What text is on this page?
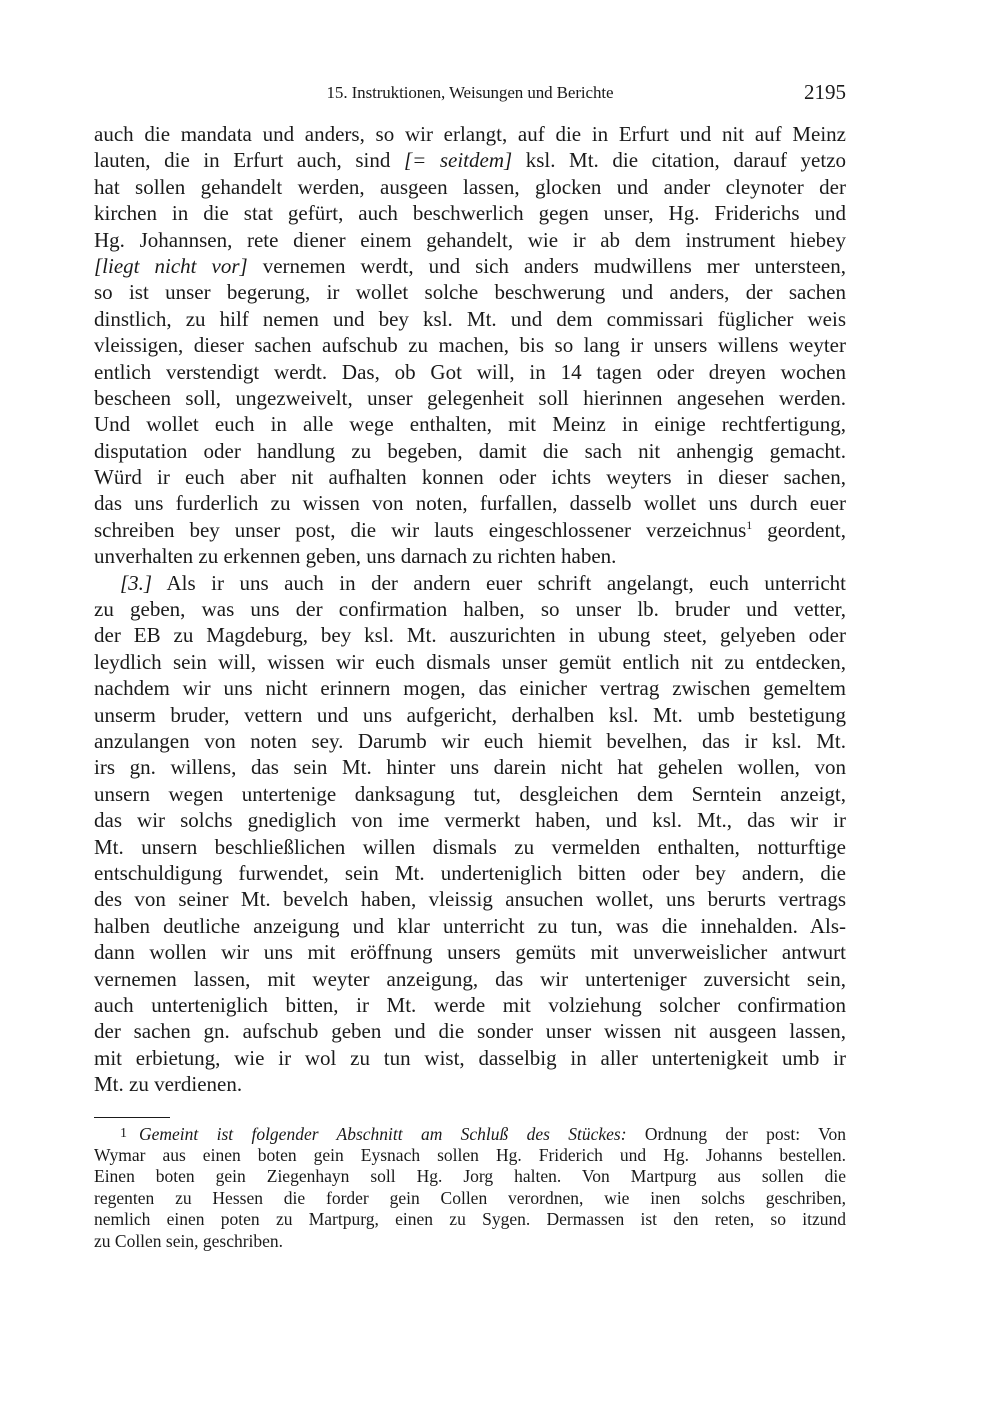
15. Instruktionen, Weisungen und Berichte	2195
auch die mandata und anders, so wir erlangt, auf die in Erfurt und nit auf Meinz
lauten, die in Erfurt auch, sind [= seitdem] ksl. Mt. die citation, darauf yetzo
hat sollen gehandelt werden, ausgeen lassen, glocken und ander cleynoter der
kirchen in die stat gefürt, auch beschwerlich gegen unser, Hg. Friderichs und
Hg. Johannsen, rete diener einem gehandelt, wie ir ab dem instrument hiebey
[liegt nicht vor] vernemen werdt, und sich anders mudwillens mer untersteen,
so ist unser begerung, ir wollet solche beschwerung und anders, der sachen
dinstlich, zu hilf nemen und bey ksl. Mt. und dem commissari füglicher weis
vleissigen, dieser sachen aufschub zu machen, bis so lang ir unsers willens weyter
entlich verstendigt werdt. Das, ob Got will, in 14 tagen oder dreyen wochen
bescheen soll, ungezweivelt, unser gelegenheit soll hierinnen angesehen werden.
Und wollet euch in alle wege enthalten, mit Meinz in einige rechtfertigung,
disputation oder handlung zu begeben, damit die sach nit anhengig gemacht.
Würd ir euch aber nit aufhalten konnen oder ichts weyters in dieser sachen,
das uns furderlich zu wissen von noten, furfallen, dasselb wollet uns durch euer
schreiben bey unser post, die wir lauts eingeschlossener verzeichnus$^1$ geordent,
unverhalten zu erkennen geben, uns darnach zu richten haben.
[3.] Als ir uns auch in der andern euer schrift angelangt, euch unterricht
zu geben, was uns der confirmation halben, so unser lb. bruder und vetter,
der EB zu Magdeburg, bey ksl. Mt. auszurichten in ubung steet, gelyeben oder
leydlich sein will, wissen wir euch dismals unser gemüt entlich nit zu entdecken,
nachdem wir uns nicht erinnern mogen, das einicher vertrag zwischen gemeltem
unserm bruder, vettern und uns aufgericht, derhalben ksl. Mt. umb bestetigung
anzulangen von noten sey. Darumb wir euch hiemit bevelhen, das ir ksl. Mt.
irs gn. willens, das sein Mt. hinter uns darein nicht hat gehelen wollen, von
unsern wegen untertenige danksagung tut, desgleichen dem Serntein anzeigt,
das wir solchs gnediglich von ime vermerkt haben, und ksl. Mt., das wir ir
Mt. unsern beschließlichen willen dismals zu vermelden enthalten, notturftige
entschuldigung furwendet, sein Mt. underteniglich bitten oder bey andern, die
des von seiner Mt. bevelch haben, vleissig ansuchen wollet, uns berurts vertrags
halben deutliche anzeigung und klar unterricht zu tun, was die innehalden. Als-
dann wollen wir uns mit eröffnung unsers gemüts mit unverweislicher antwurt
vernemen lassen, mit weyter anzeigung, das wir unterteniger zuversicht sein,
auch unterteniglich bitten, ir Mt. werde mit volziehung solcher confirmation
der sachen gn. aufschub geben und die sonder unser wissen nit ausgeen lassen,
mit erbietung, wie ir wol zu tun wist, dasselbig in aller untertenigkeit umb ir
Mt. zu verdienen.
1 Gemeint ist folgender Abschnitt am Schluß des Stückes: Ordnung der post: Von
Wymar aus einen boten gein Eysnach sollen Hg. Friderich und Hg. Johanns bestellen.
Einen boten gein Ziegenhayn soll Hg. Jorg halten. Von Martpurg aus sollen die
regenten zu Hessen die forder gein Collen verordnen, wie inen solchs geschriben,
nemlich einen poten zu Martpurg, einen zu Sygen. Dermassen ist den reten, so itzund
zu Collen sein, geschriben.
